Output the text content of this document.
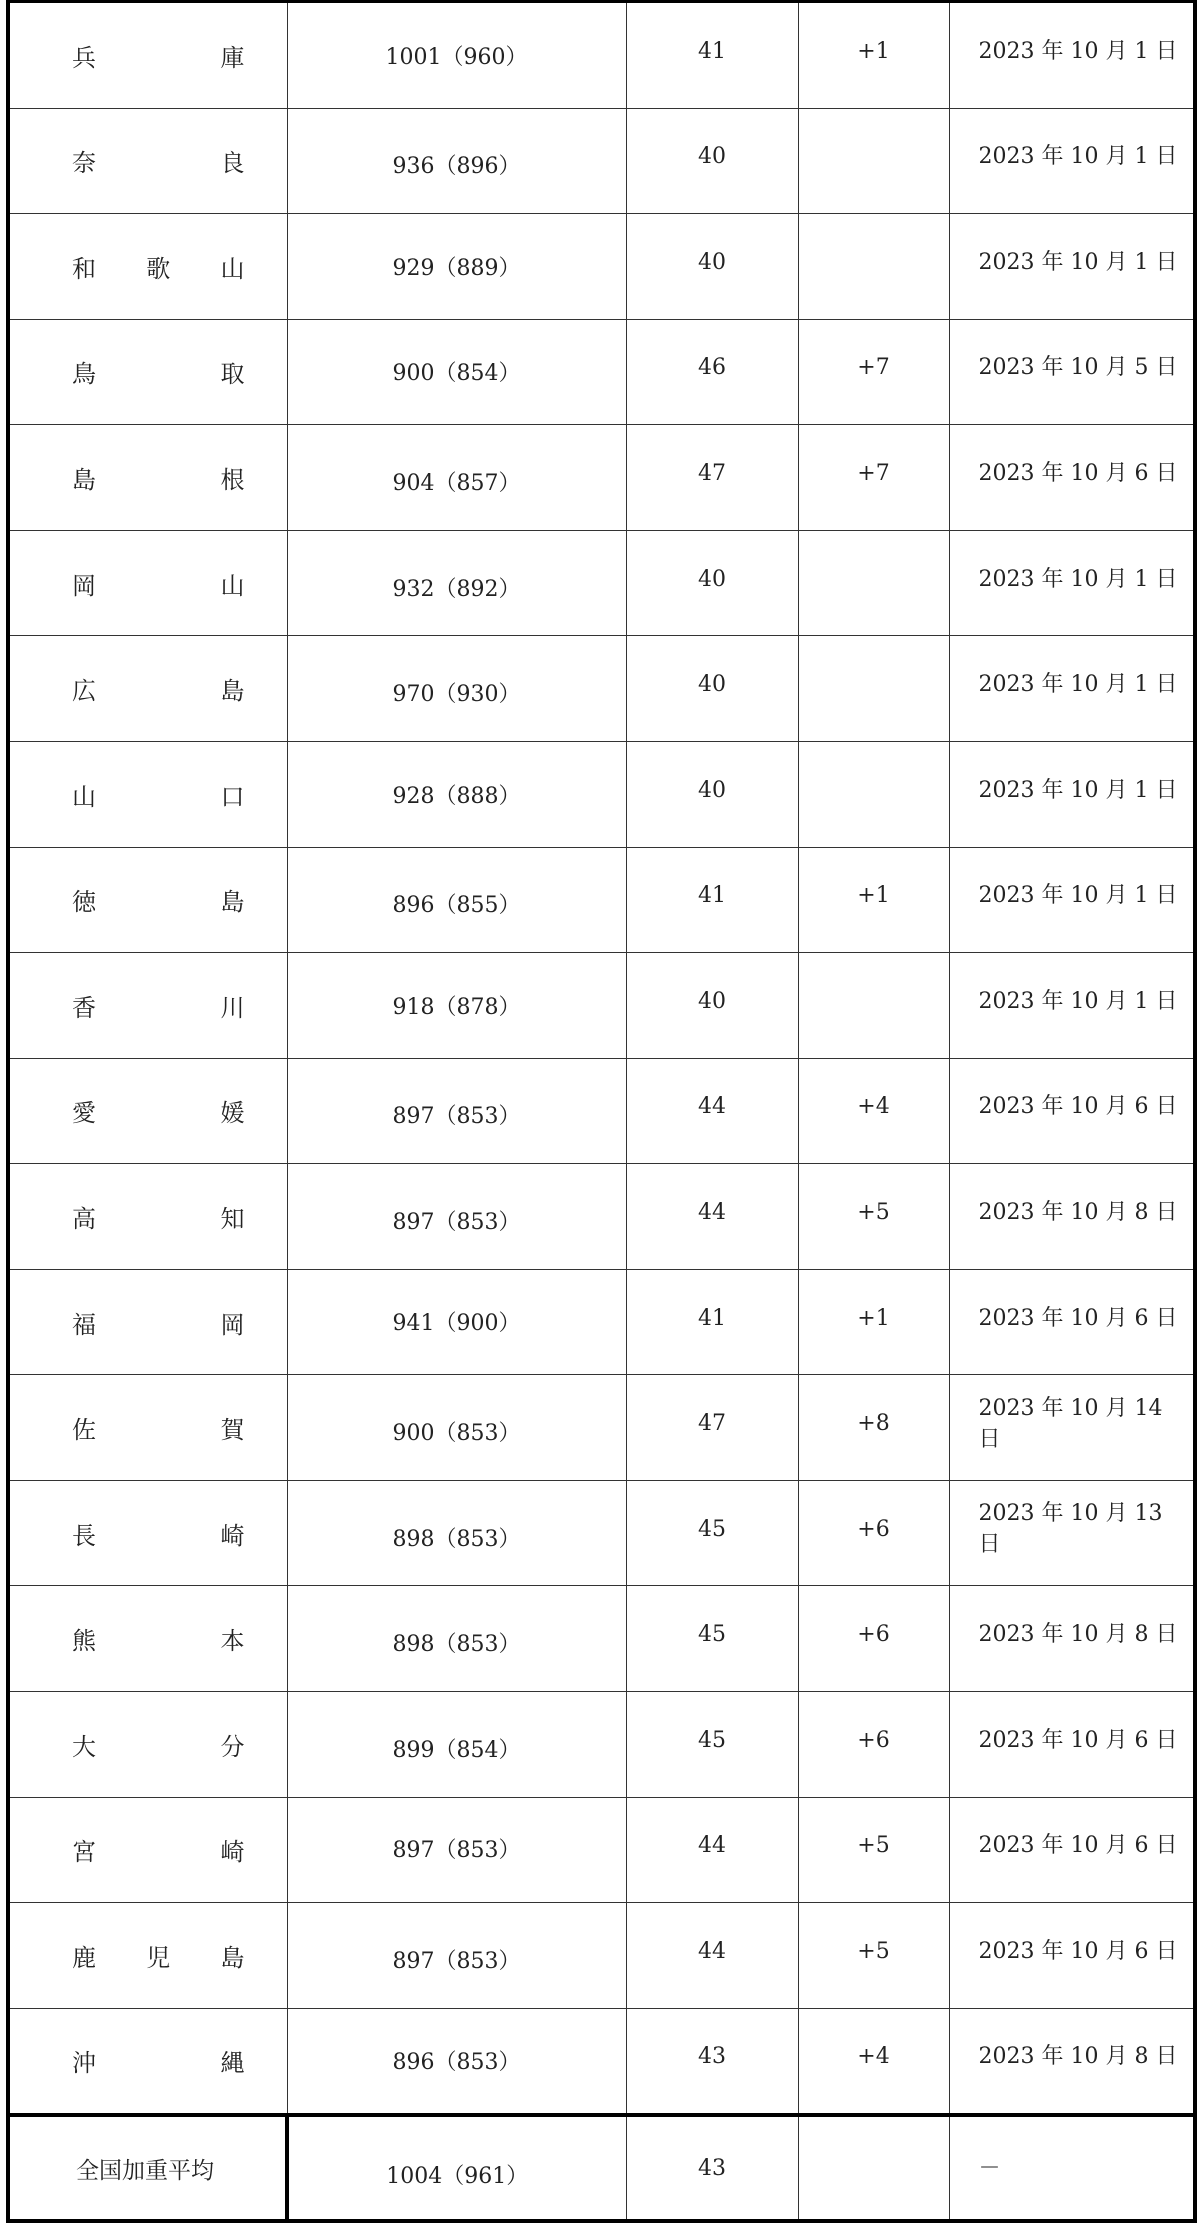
兵 庫	1001（960）	41	+1	2023 年 10 月 1 日

奈 良	936（896）	40		2023 年 10 月 1 日

和 歌 山	929（889）	40		2023 年 10 月 1 日

鳥 取	900（854）	46	+7	2023 年 10 月 5 日

島 根	904（857）	47	+7	2023 年 10 月 6 日

岡 山	932（892）	40		2023 年 10 月 1 日

広 島	970（930）	40		2023 年 10 月 1 日

山 口	928（888）	40		2023 年 10 月 1 日

徳 島	896（855）	41	+1	2023 年 10 月 1 日

香 川	918（878）	40		2023 年 10 月 1 日

愛 媛	897（853）	44	+4	2023 年 10 月 6 日

高 知	897（853）	44	+5	2023 年 10 月 8 日

福 岡	941（900）	41	+1	2023 年 10 月 6 日

佐 賀	900（853）	47	+8	2023 年 10 月 14 日

長 崎	898（853）	45	+6	2023 年 10 月 13 日

熊 本	898（853）	45	+6	2023 年 10 月 8 日

大 分	899（854）	45	+6	2023 年 10 月 6 日

宮 崎	897（853）	44	+5	2023 年 10 月 6 日

鹿 児 島	897（853）	44	+5	2023 年 10 月 6 日

沖 縄	896（853）	43	+4	2023 年 10 月 8 日

全国加重平均	1004（961）	43		－
